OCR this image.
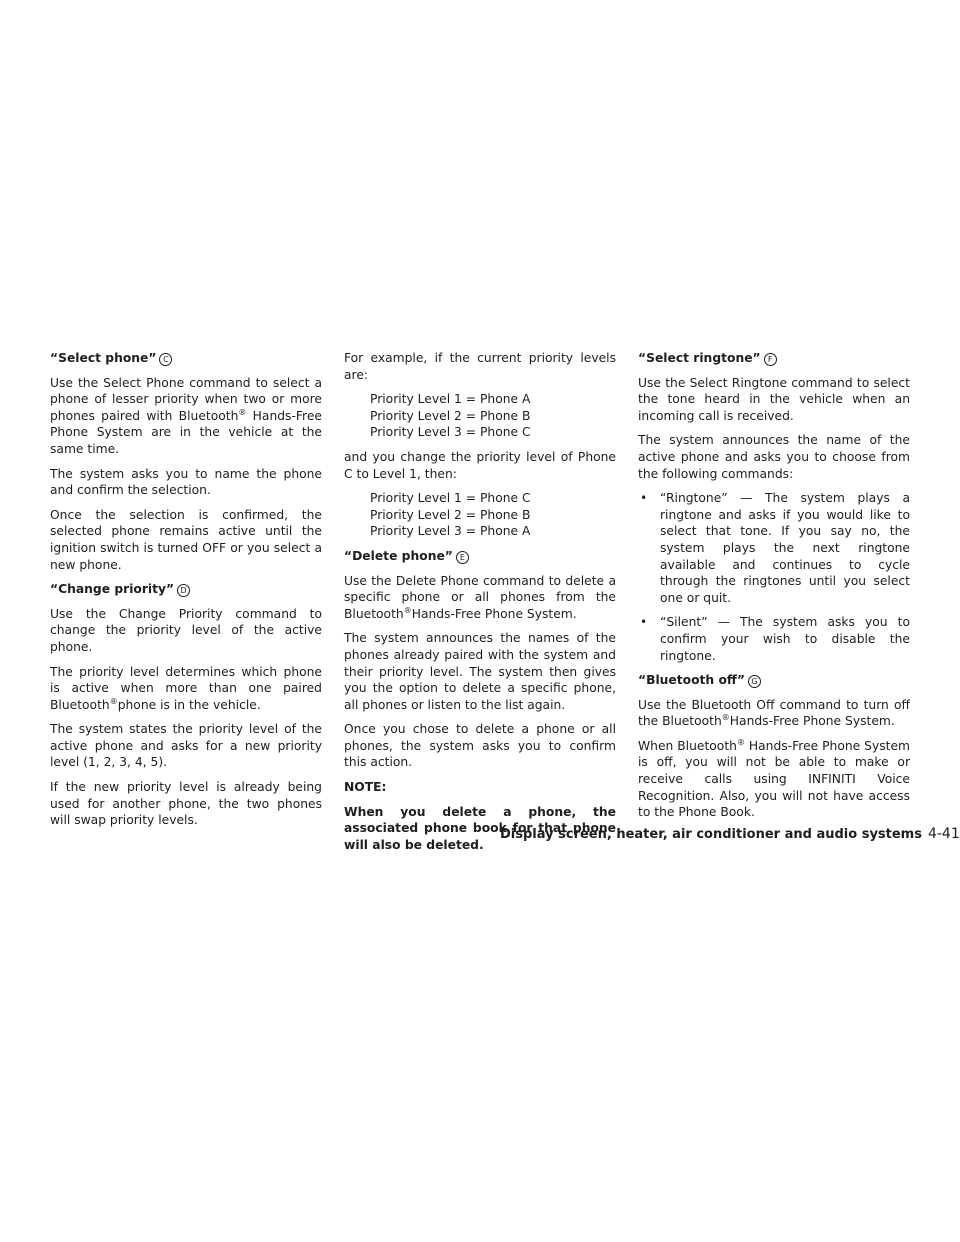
“Select phone” C

Use the Select Phone command to select a phone of lesser priority when two or more phones paired with Bluetooth® Hands-Free Phone System are in the vehicle at the same time.

The system asks you to name the phone and confirm the selection.

Once the selection is confirmed, the selected phone remains active until the ignition switch is turned OFF or you select a new phone.

“Change priority” D

Use the Change Priority command to change the priority level of the active phone.

The priority level determines which phone is active when more than one paired Bluetooth®phone is in the vehicle.

The system states the priority level of the active phone and asks for a new priority level (1, 2, 3, 4, 5).

If the new priority level is already being used for another phone, the two phones will swap priority levels.

For example, if the current priority levels are:

Priority Level 1 = Phone A
Priority Level 2 = Phone B
Priority Level 3 = Phone C

and you change the priority level of Phone C to Level 1, then:

Priority Level 1 = Phone C
Priority Level 2 = Phone B
Priority Level 3 = Phone A

“Delete phone” E

Use the Delete Phone command to delete a specific phone or all phones from the Bluetooth®Hands-Free Phone System.

The system announces the names of the phones already paired with the system and their priority level. The system then gives you the option to delete a specific phone, all phones or listen to the list again.

Once you chose to delete a phone or all phones, the system asks you to confirm this action.

NOTE:

When you delete a phone, the associated phone book for that phone will also be deleted.

“Select ringtone” F

Use the Select Ringtone command to select the tone heard in the vehicle when an incoming call is received.

The system announces the name of the active phone and asks you to choose from the following commands:

• “Ringtone” — The system plays a ringtone and asks if you would like to select that tone. If you say no, the system plays the next ringtone available and continues to cycle through the ringtones until you select one or quit.
• “Silent” — The system asks you to confirm your wish to disable the ringtone.

“Bluetooth off” G

Use the Bluetooth Off command to turn off the Bluetooth®Hands-Free Phone System.

When Bluetooth® Hands-Free Phone System is off, you will not be able to make or receive calls using INFINITI Voice Recognition. Also, you will not have access to the Phone Book.

Display screen, heater, air conditioner and audio systems 4-41
